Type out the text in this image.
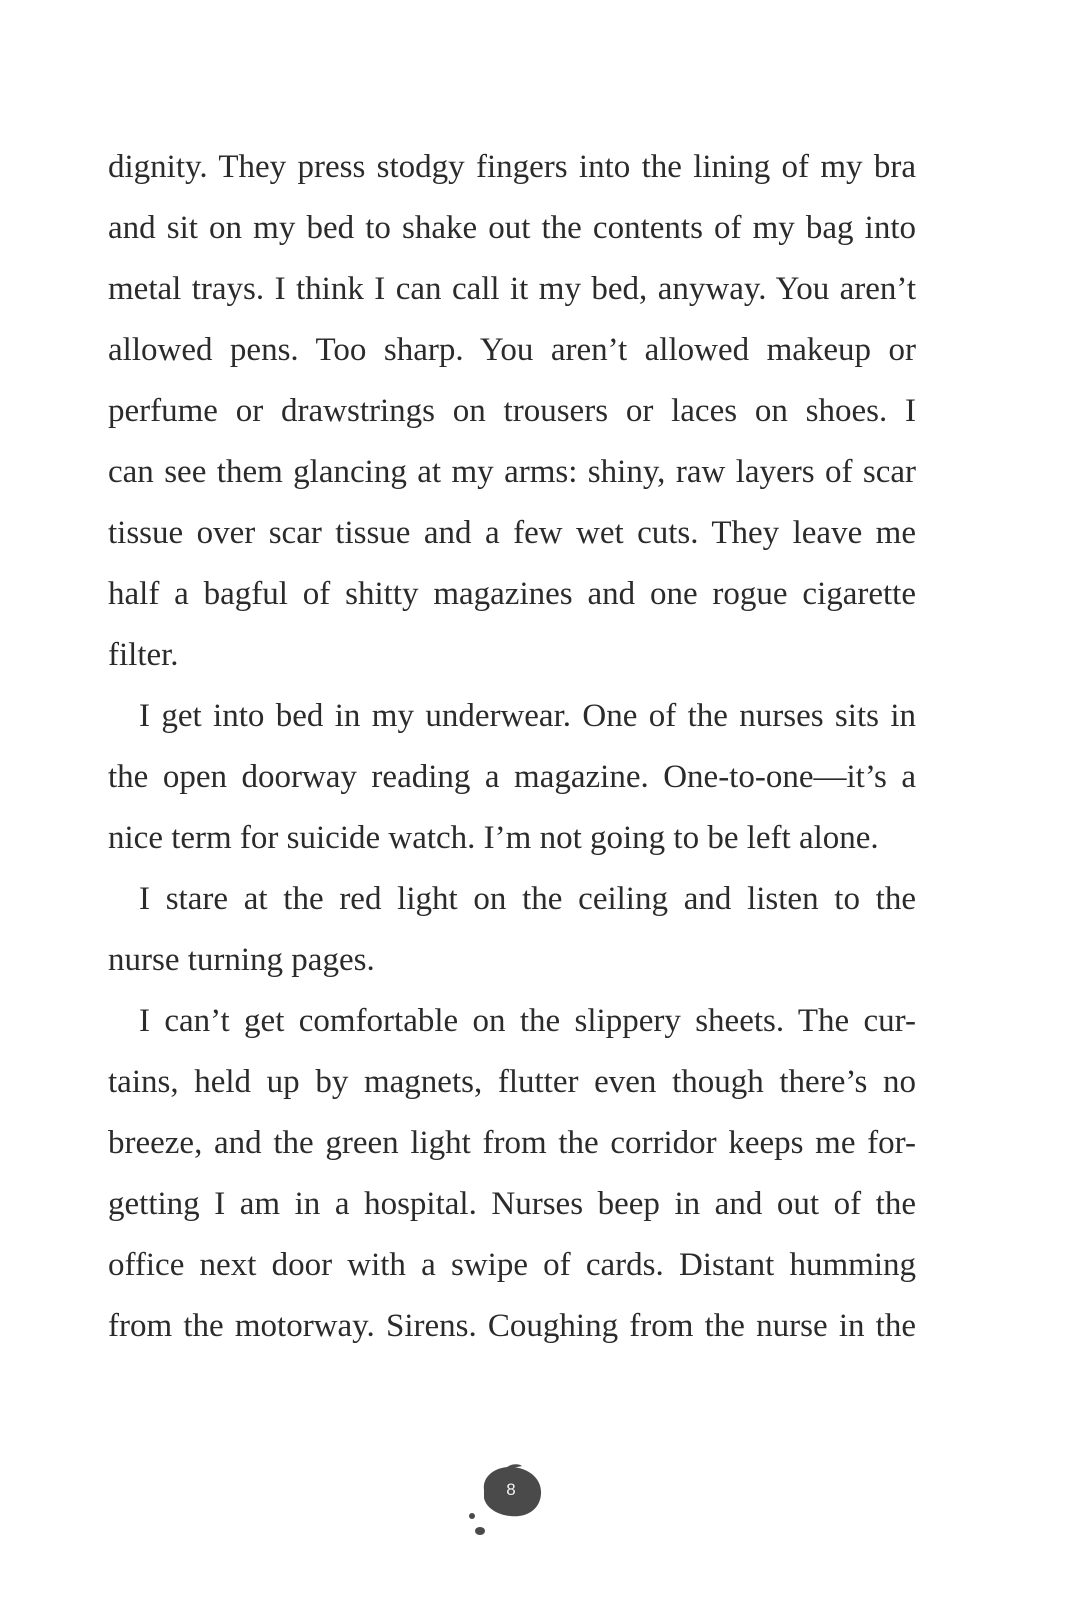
dignity. They press stodgy fingers into the lining of my bra
and sit on my bed to shake out the contents of my bag into
metal trays. I think I can call it my bed, anyway. You aren’t
allowed pens. Too sharp. You aren’t allowed makeup or
perfume or drawstrings on trousers or laces on shoes. I
can see them glancing at my arms: shiny, raw layers of scar
tissue over scar tissue and a few wet cuts. They leave me
half a bagful of shitty magazines and one rogue cigarette
filter.
I get into bed in my underwear. One of the nurses sits in
the open doorway reading a magazine. One-to-one—it’s a
nice term for suicide watch. I’m not going to be left alone.
I stare at the red light on the ceiling and listen to the
nurse turning pages.
I can’t get comfortable on the slippery sheets. The cur-
tains, held up by magnets, flutter even though there’s no
breeze, and the green light from the corridor keeps me for-
getting I am in a hospital. Nurses beep in and out of the
office next door with a swipe of cards. Distant humming
from the motorway. Sirens. Coughing from the nurse in the
8
